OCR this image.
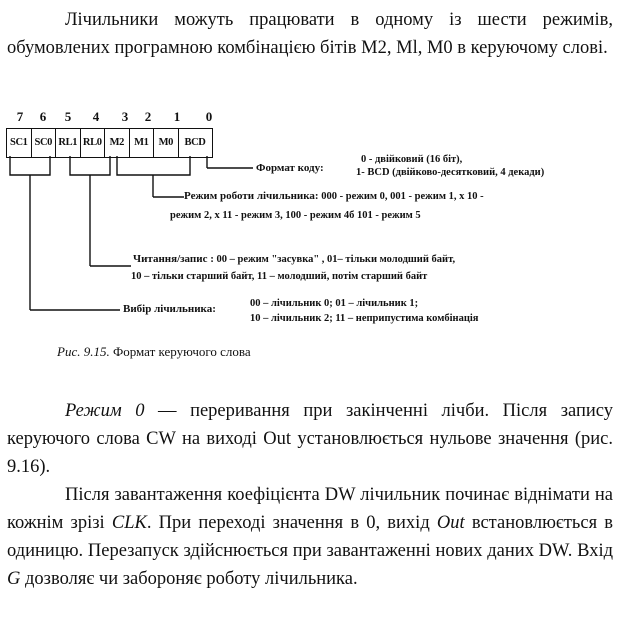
Лічильники можуть працювати в одному із шести режимів, обумовлених програмною комбінацією бітів M2, Ml, M0 в керуючому слові.

7	6	5	4	3	2	1	0
SC1 SC0 RL1 RL0 M2 M1 M0	BCD
Формат коду:
0 - двійковий (16 біт),
1- BCD (двійково-десятковий, 4 декади)
Режим роботи лічильника: 000 - режим 0, 001 - режим 1, x 10 -
режим 2, x 11 - режим 3, 100 - режим 4б 101 - режим 5
Читання/запис : 00 – режим "засувка" , 01– тільки молодший байт,
10 – тільки старший байт, 11 – молодший, потім старший байт
Вибір лічильника:	00 – лічильник 0; 01 – лічильник 1;
10 – лічильник 2; 11 – неприпустима комбінація
Рис. 9.15. Формат керуючого слова

Режим 0 — переривання при закінченні лічби. Після запису керуючого слова CW на виході Out установлюється нульове значення (рис. 9.16).

Після завантаження коефіцієнта DW лічильник починає віднімати на кожнім зрізі CLK. При переході значення в 0, вихід Out встановлюється в одиницю. Перезапуск здійснюється при завантаженні нових даних DW. Вхід G дозволяє чи забороняє роботу лічильника.
